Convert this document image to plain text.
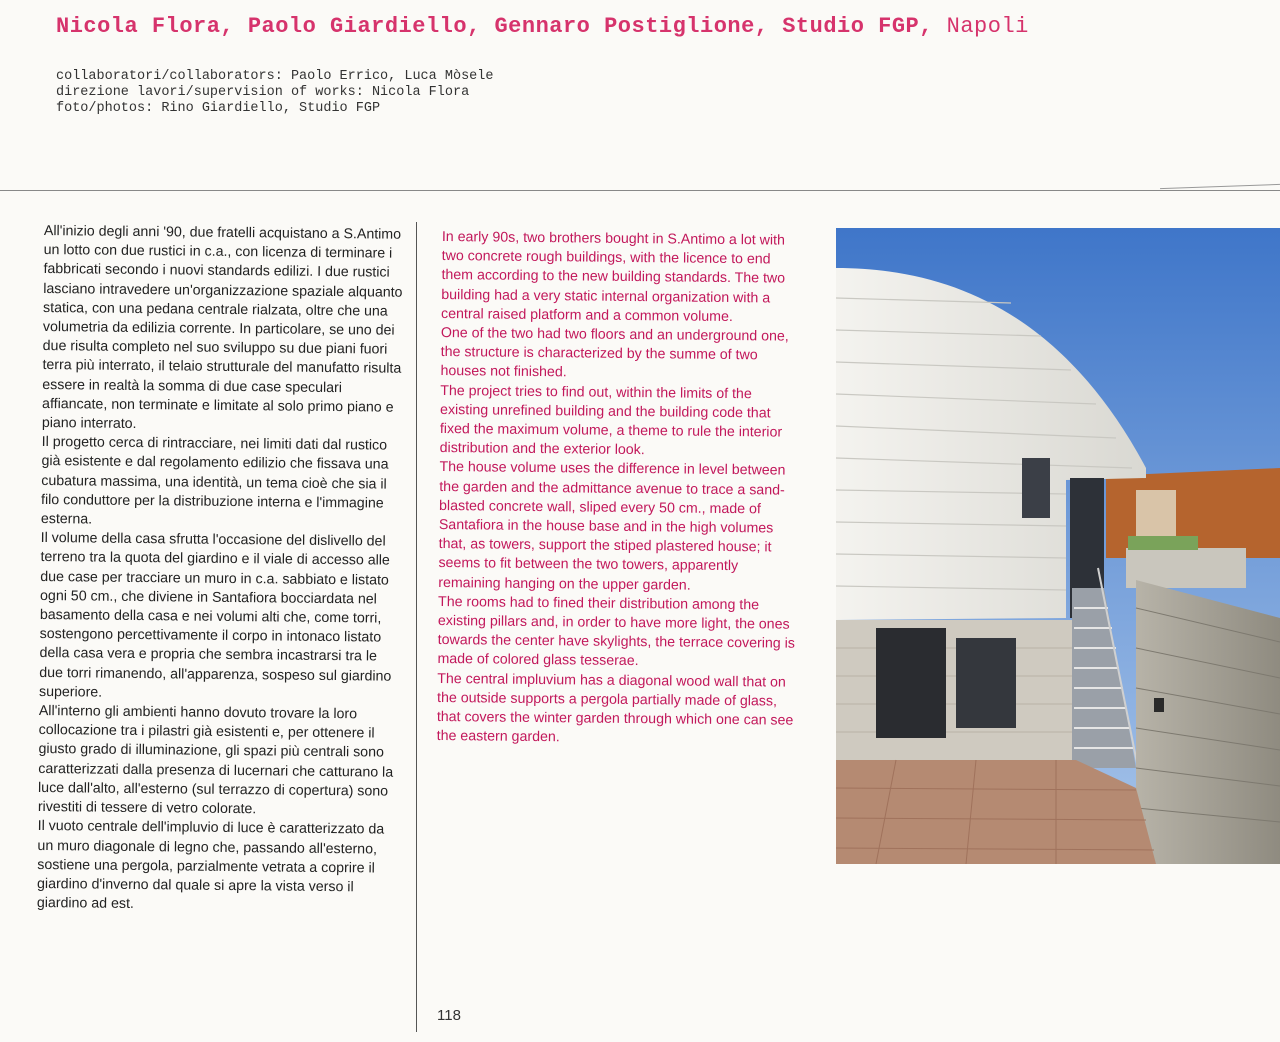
Nicola Flora, Paolo Giardiello, Gennaro Postiglione, Studio FGP, Napoli
collaboratori/collaborators: Paolo Errico, Luca Mòsele
direzione lavori/supervision of works: Nicola Flora
foto/photos: Rino Giardiello, Studio FGP

All'inizio degli anni '90, due fratelli acquistano a S.Antimo un lotto con due rustici in c.a., con licenza di terminare i fabbricati secondo i nuovi standards edilizi. I due rustici lasciano intravedere un'organizzazione spaziale alquanto statica, con una pedana centrale rialzata, oltre che una volumetria da edilizia corrente. In particolare, se uno dei due risulta completo nel suo sviluppo su due piani fuori terra più interrato, il telaio strutturale del manufatto risulta essere in realtà la somma di due case speculari affiancate, non terminate e limitate al solo primo piano e piano interrato.

Il progetto cerca di rintracciare, nei limiti dati dal rustico già esistente e dal regolamento edilizio che fissava una cubatura massima, una identità, un tema cioè che sia il filo conduttore per la distribuzione interna e l'immagine esterna.

Il volume della casa sfrutta l'occasione del dislivello del terreno tra la quota del giardino e il viale di accesso alle due case per tracciare un muro in c.a. sabbiato e listato ogni 50 cm., che diviene in Santafiora bocciardata nel basamento della casa e nei volumi alti che, come torri, sostengono percettivamente il corpo in intonaco listato della casa vera e propria che sembra incastrarsi tra le due torri rimanendo, all'apparenza, sospeso sul giardino superiore.

All'interno gli ambienti hanno dovuto trovare la loro collocazione tra i pilastri già esistenti e, per ottenere il giusto grado di illuminazione, gli spazi più centrali sono caratterizzati dalla presenza di lucernari che catturano la luce dall'alto, all'esterno (sul terrazzo di copertura) sono rivestiti di tessere di vetro colorate.

Il vuoto centrale dell'impluvio di luce è caratterizzato da un muro diagonale di legno che, passando all'esterno, sostiene una pergola, parzialmente vetrata a coprire il giardino d'inverno dal quale si apre la vista verso il giardino ad est.

In early 90s, two brothers bought in S.Antimo a lot with two concrete rough buildings, with the licence to end them according to the new building standards. The two building had a very static internal organization with a central raised platform and a common volume.

One of the two had two floors and an underground one, the structure is characterized by the summe of two houses not finished.

The project tries to find out, within the limits of the existing unrefined building and the building code that fixed the maximum volume, a theme to rule the interior distribution and the exterior look.

The house volume uses the difference in level between the garden and the admittance avenue to trace a sand-blasted concrete wall, sliped every 50 cm., made of Santafiora in the house base and in the high volumes that, as towers, support the stiped plastered house; it seems to fit between the two towers, apparently remaining hanging on the upper garden.

The rooms had to fined their distribution among the existing pillars and, in order to have more light, the ones towards the center have skylights, the terrace covering is made of colored glass tesserae.

The central impluvium has a diagonal wood wall that on the outside supports a pergola partially made of glass, that covers the winter garden through which one can see the eastern garden.

118
